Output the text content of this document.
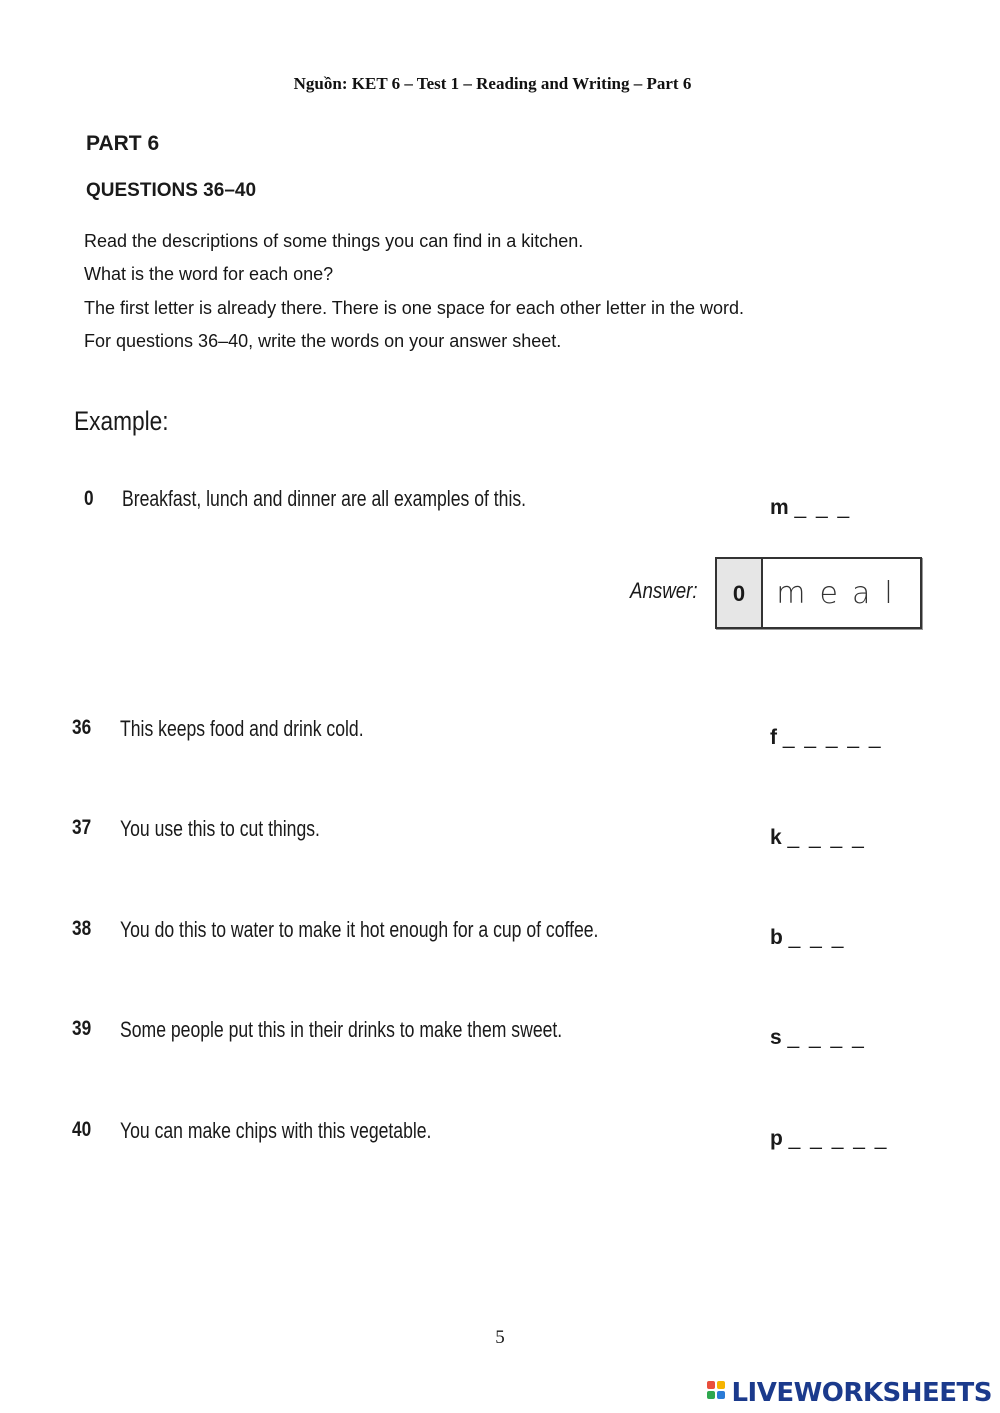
Nguồn: KET 6 – Test 1 – Reading and Writing – Part 6
PART 6
QUESTIONS 36–40
Read the descriptions of some things you can find in a kitchen.
What is the word for each one?
The first letter is already there. There is one space for each other letter in the word.
For questions 36–40, write the words on your answer sheet.
Example:
0 Breakfast, lunch and dinner are all examples of this.	m _ _ _
Answer:	0	meal
36 This keeps food and drink cold.	f _ _ _ _ _
37 You use this to cut things.	k _ _ _ _
38 You do this to water to make it hot enough for a cup of coffee.	b _ _ _
39 Some people put this in their drinks to make them sweet.	s _ _ _ _
40 You can make chips with this vegetable.	p _ _ _ _ _
5
LIVEWORKSHEETS
